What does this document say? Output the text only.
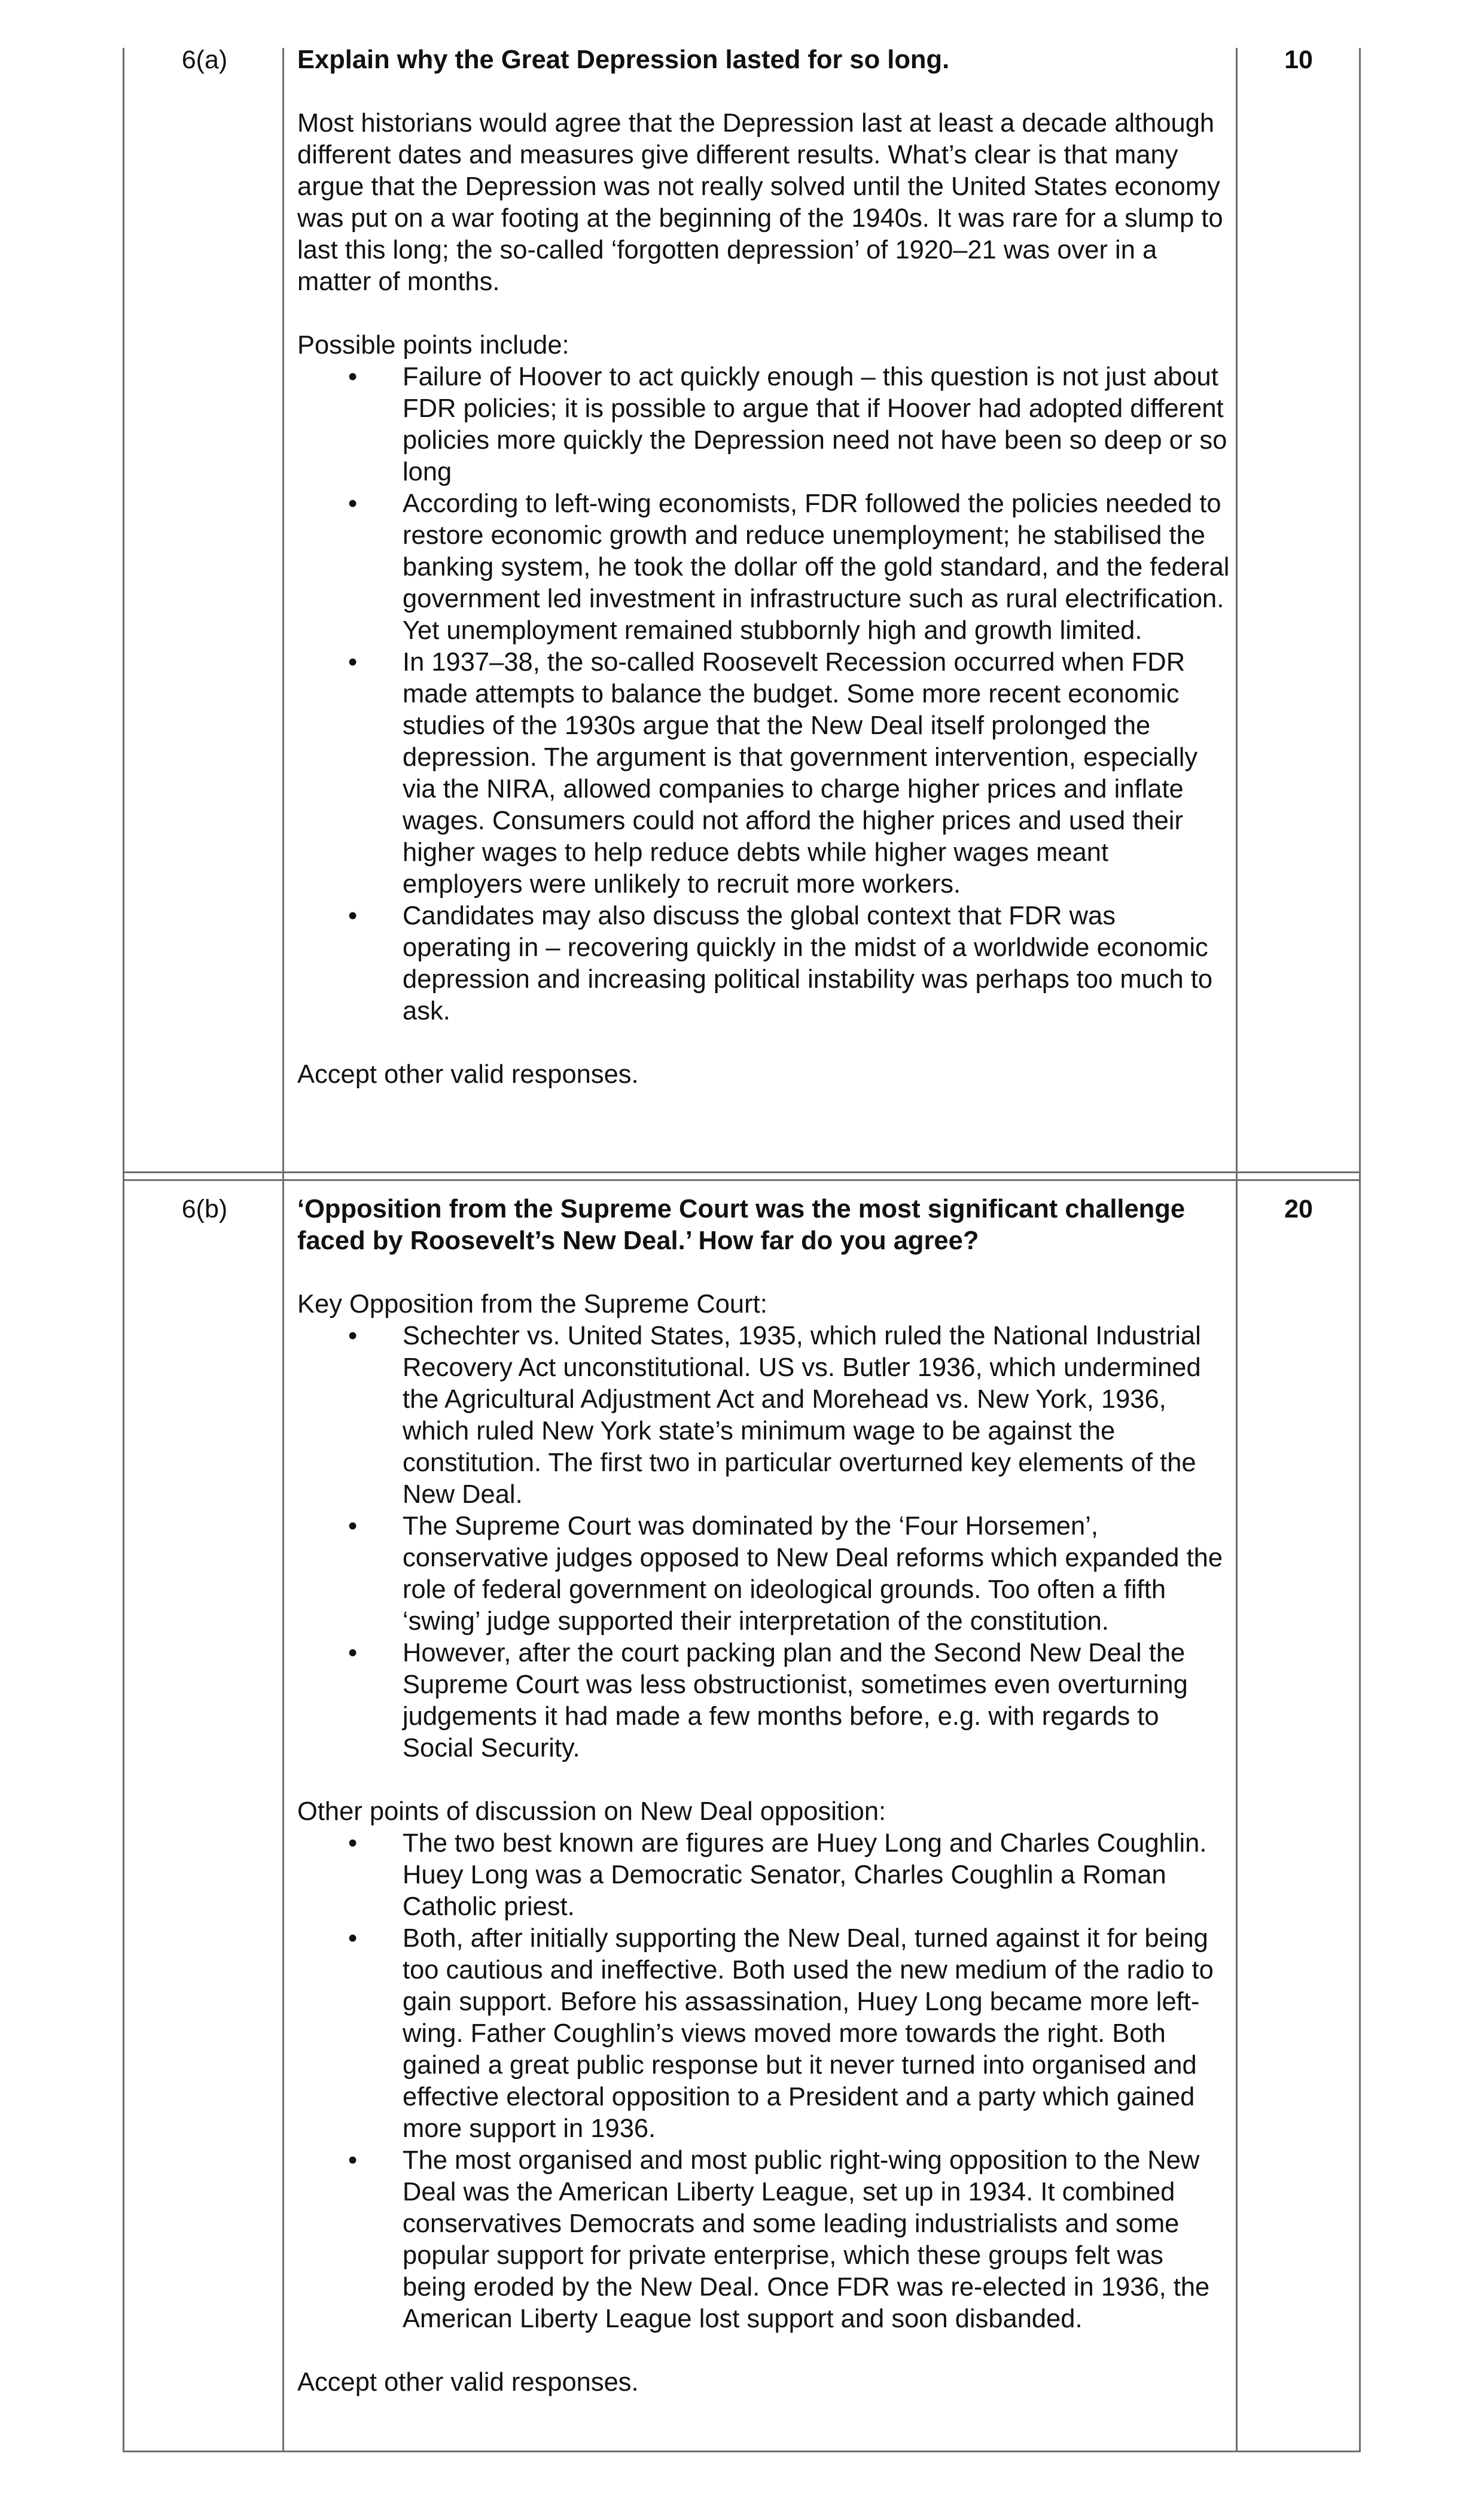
6(a)	10

Explain why the Great Depression lasted for so long.

Most historians would agree that the Depression last at least a decade although different dates and measures give different results. What’s clear is that many argue that the Depression was not really solved until the United States economy was put on a war footing at the beginning of the 1940s. It was rare for a slump to last this long; the so-called ‘forgotten depression’ of 1920–21 was over in a matter of months.

Possible points include:

• Failure of Hoover to act quickly enough – this question is not just about FDR policies; it is possible to argue that if Hoover had adopted different policies more quickly the Depression need not have been so deep or so long
• According to left-wing economists, FDR followed the policies needed to restore economic growth and reduce unemployment; he stabilised the banking system, he took the dollar off the gold standard, and the federal government led investment in infrastructure such as rural electrification. Yet unemployment remained stubbornly high and growth limited.
• In 1937–38, the so-called Roosevelt Recession occurred when FDR made attempts to balance the budget. Some more recent economic studies of the 1930s argue that the New Deal itself prolonged the depression. The argument is that government intervention, especially via the NIRA, allowed companies to charge higher prices and inflate wages. Consumers could not afford the higher prices and used their higher wages to help reduce debts while higher wages meant employers were unlikely to recruit more workers.
• Candidates may also discuss the global context that FDR was operating in – recovering quickly in the midst of a worldwide economic depression and increasing political instability was perhaps too much to ask.

Accept other valid responses.

6(b)	20

‘Opposition from the Supreme Court was the most significant challenge faced by Roosevelt’s New Deal.’ How far do you agree?

Key Opposition from the Supreme Court:

• Schechter vs. United States, 1935, which ruled the National Industrial Recovery Act unconstitutional. US vs. Butler 1936, which undermined the Agricultural Adjustment Act and Morehead vs. New York, 1936, which ruled New York state’s minimum wage to be against the constitution. The first two in particular overturned key elements of the New Deal.
• The Supreme Court was dominated by the ‘Four Horsemen’, conservative judges opposed to New Deal reforms which expanded the role of federal government on ideological grounds. Too often a fifth ‘swing’ judge supported their interpretation of the constitution.
• However, after the court packing plan and the Second New Deal the Supreme Court was less obstructionist, sometimes even overturning judgements it had made a few months before, e.g. with regards to Social Security.

Other points of discussion on New Deal opposition:

• The two best known are figures are Huey Long and Charles Coughlin. Huey Long was a Democratic Senator, Charles Coughlin a Roman Catholic priest.
• Both, after initially supporting the New Deal, turned against it for being too cautious and ineffective. Both used the new medium of the radio to gain support. Before his assassination, Huey Long became more left-wing. Father Coughlin’s views moved more towards the right. Both gained a great public response but it never turned into organised and effective electoral opposition to a President and a party which gained more support in 1936.
• The most organised and most public right-wing opposition to the New Deal was the American Liberty League, set up in 1934. It combined conservatives Democrats and some leading industrialists and some popular support for private enterprise, which these groups felt was being eroded by the New Deal. Once FDR was re-elected in 1936, the American Liberty League lost support and soon disbanded.

Accept other valid responses.
